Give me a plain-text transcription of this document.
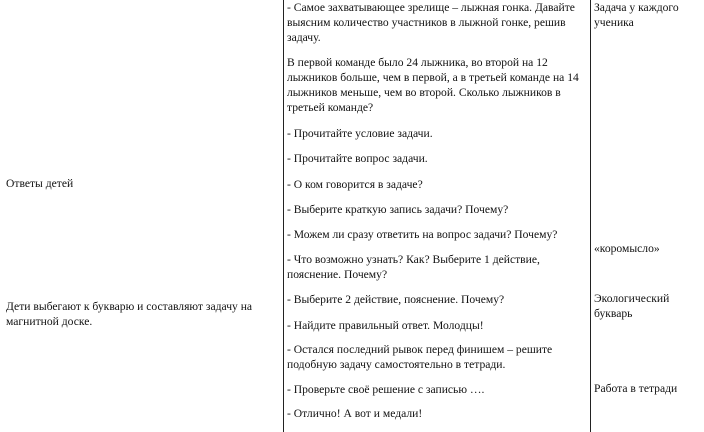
Ответы детей

Дети выбегают к букварю и составляют задачу на магнитной доске.

- Самое захватывающее зрелище – лыжная гонка. Давайте выясним количество участников в лыжной гонке, решив задачу.

В первой команде было 24 лыжника, во второй на 12 лыжников больше, чем в первой, а в третьей команде на 14 лыжников меньше, чем во второй. Сколько лыжников в третьей команде?

- Прочитайте условие задачи.

- Прочитайте вопрос задачи.

- О ком говорится в задаче?

- Выберите краткую запись задачи? Почему?

- Можем ли сразу ответить на вопрос задачи? Почему?

- Что возможно узнать? Как? Выберите 1 действие, пояснение. Почему?

- Выберите 2 действие, пояснение. Почему?

- Найдите правильный ответ. Молодцы!

- Остался последний рывок перед финишем – решите подобную задачу самостоятельно в тетради.

- Проверьте своё решение с записью ….

- Отлично! А вот и медали!

Задача у каждого ученика

«коромысло»

Экологический букварь

Работа в тетради
